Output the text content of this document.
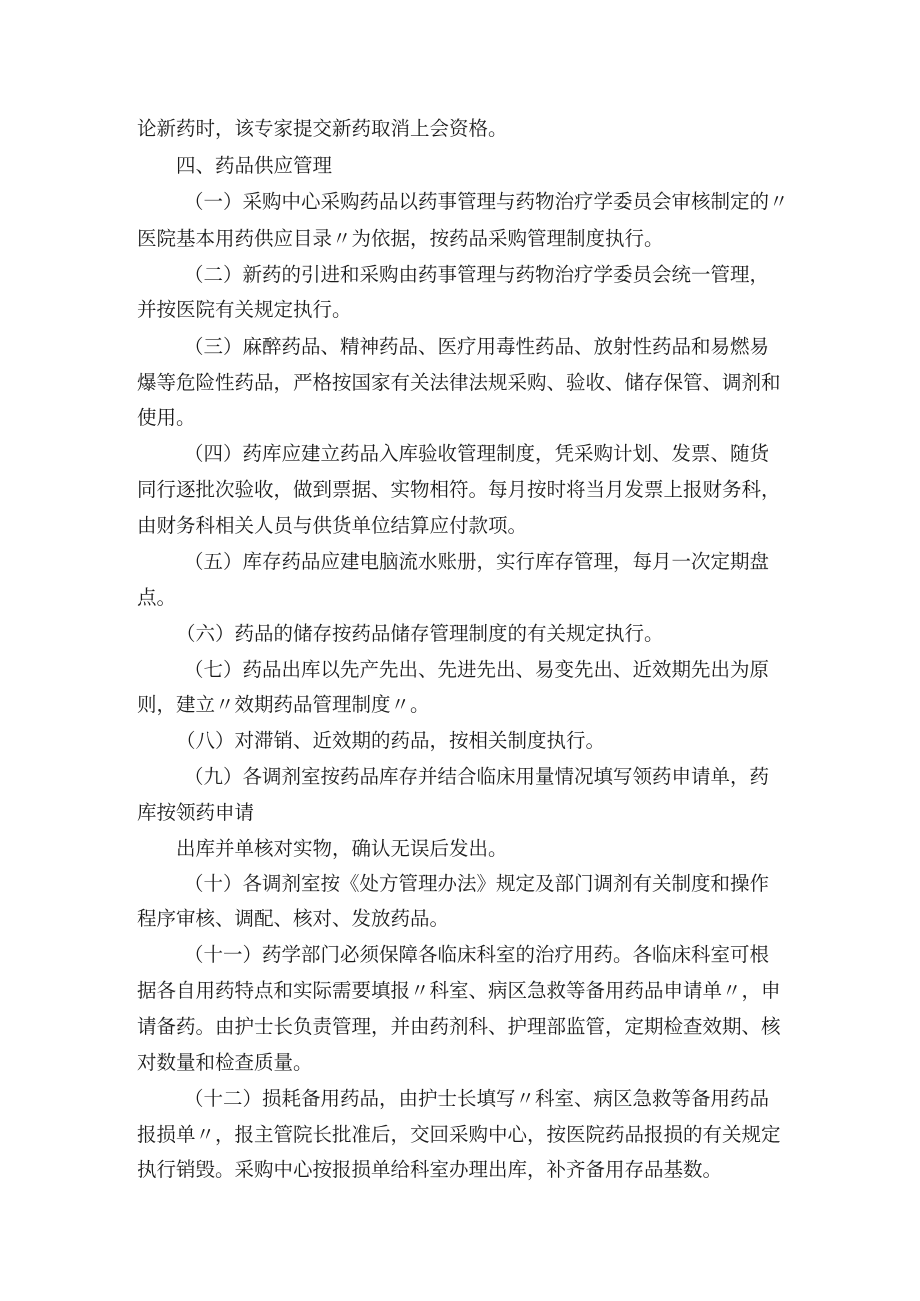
论新药时，该专家提交新药取消上会资格。

四、药品供应管理

（一）采购中心采购药品以药事管理与药物治疗学委员会审核制定的〃

医院基本用药供应目录〃为依据，按药品采购管理制度执行。

（二）新药的引进和采购由药事管理与药物治疗学委员会统一管理，

并按医院有关规定执行。

（三）麻醉药品、精神药品、医疗用毒性药品、放射性药品和易燃易

爆等危险性药品，严格按国家有关法律法规采购、验收、储存保管、调剂和

使用。

（四）药库应建立药品入库验收管理制度，凭采购计划、发票、随货

同行逐批次验收，做到票据、实物相符。每月按时将当月发票上报财务科，

由财务科相关人员与供货单位结算应付款项。

（五）库存药品应建电脑流水账册，实行库存管理，每月一次定期盘

点。

（六）药品的储存按药品储存管理制度的有关规定执行。

（七）药品出库以先产先出、先进先出、易变先出、近效期先出为原

则，建立〃效期药品管理制度〃。

（八）对滞销、近效期的药品，按相关制度执行。

（九）各调剂室按药品库存并结合临床用量情况填写领药申请单，药

库按领药申请

出库并单核对实物，确认无误后发出。

（十）各调剂室按《处方管理办法》规定及部门调剂有关制度和操作

程序审核、调配、核对、发放药品。

（十一）药学部门必须保障各临床科室的治疗用药。各临床科室可根

据各自用药特点和实际需要填报〃科室、病区急救等备用药品申请单〃，申

请备药。由护士长负责管理，并由药剂科、护理部监管，定期检查效期、核

对数量和检查质量。

（十二）损耗备用药品，由护士长填写〃科室、病区急救等备用药品

报损单〃，报主管院长批准后，交回采购中心，按医院药品报损的有关规定

执行销毁。采购中心按报损单给科室办理出库，补齐备用存品基数。
